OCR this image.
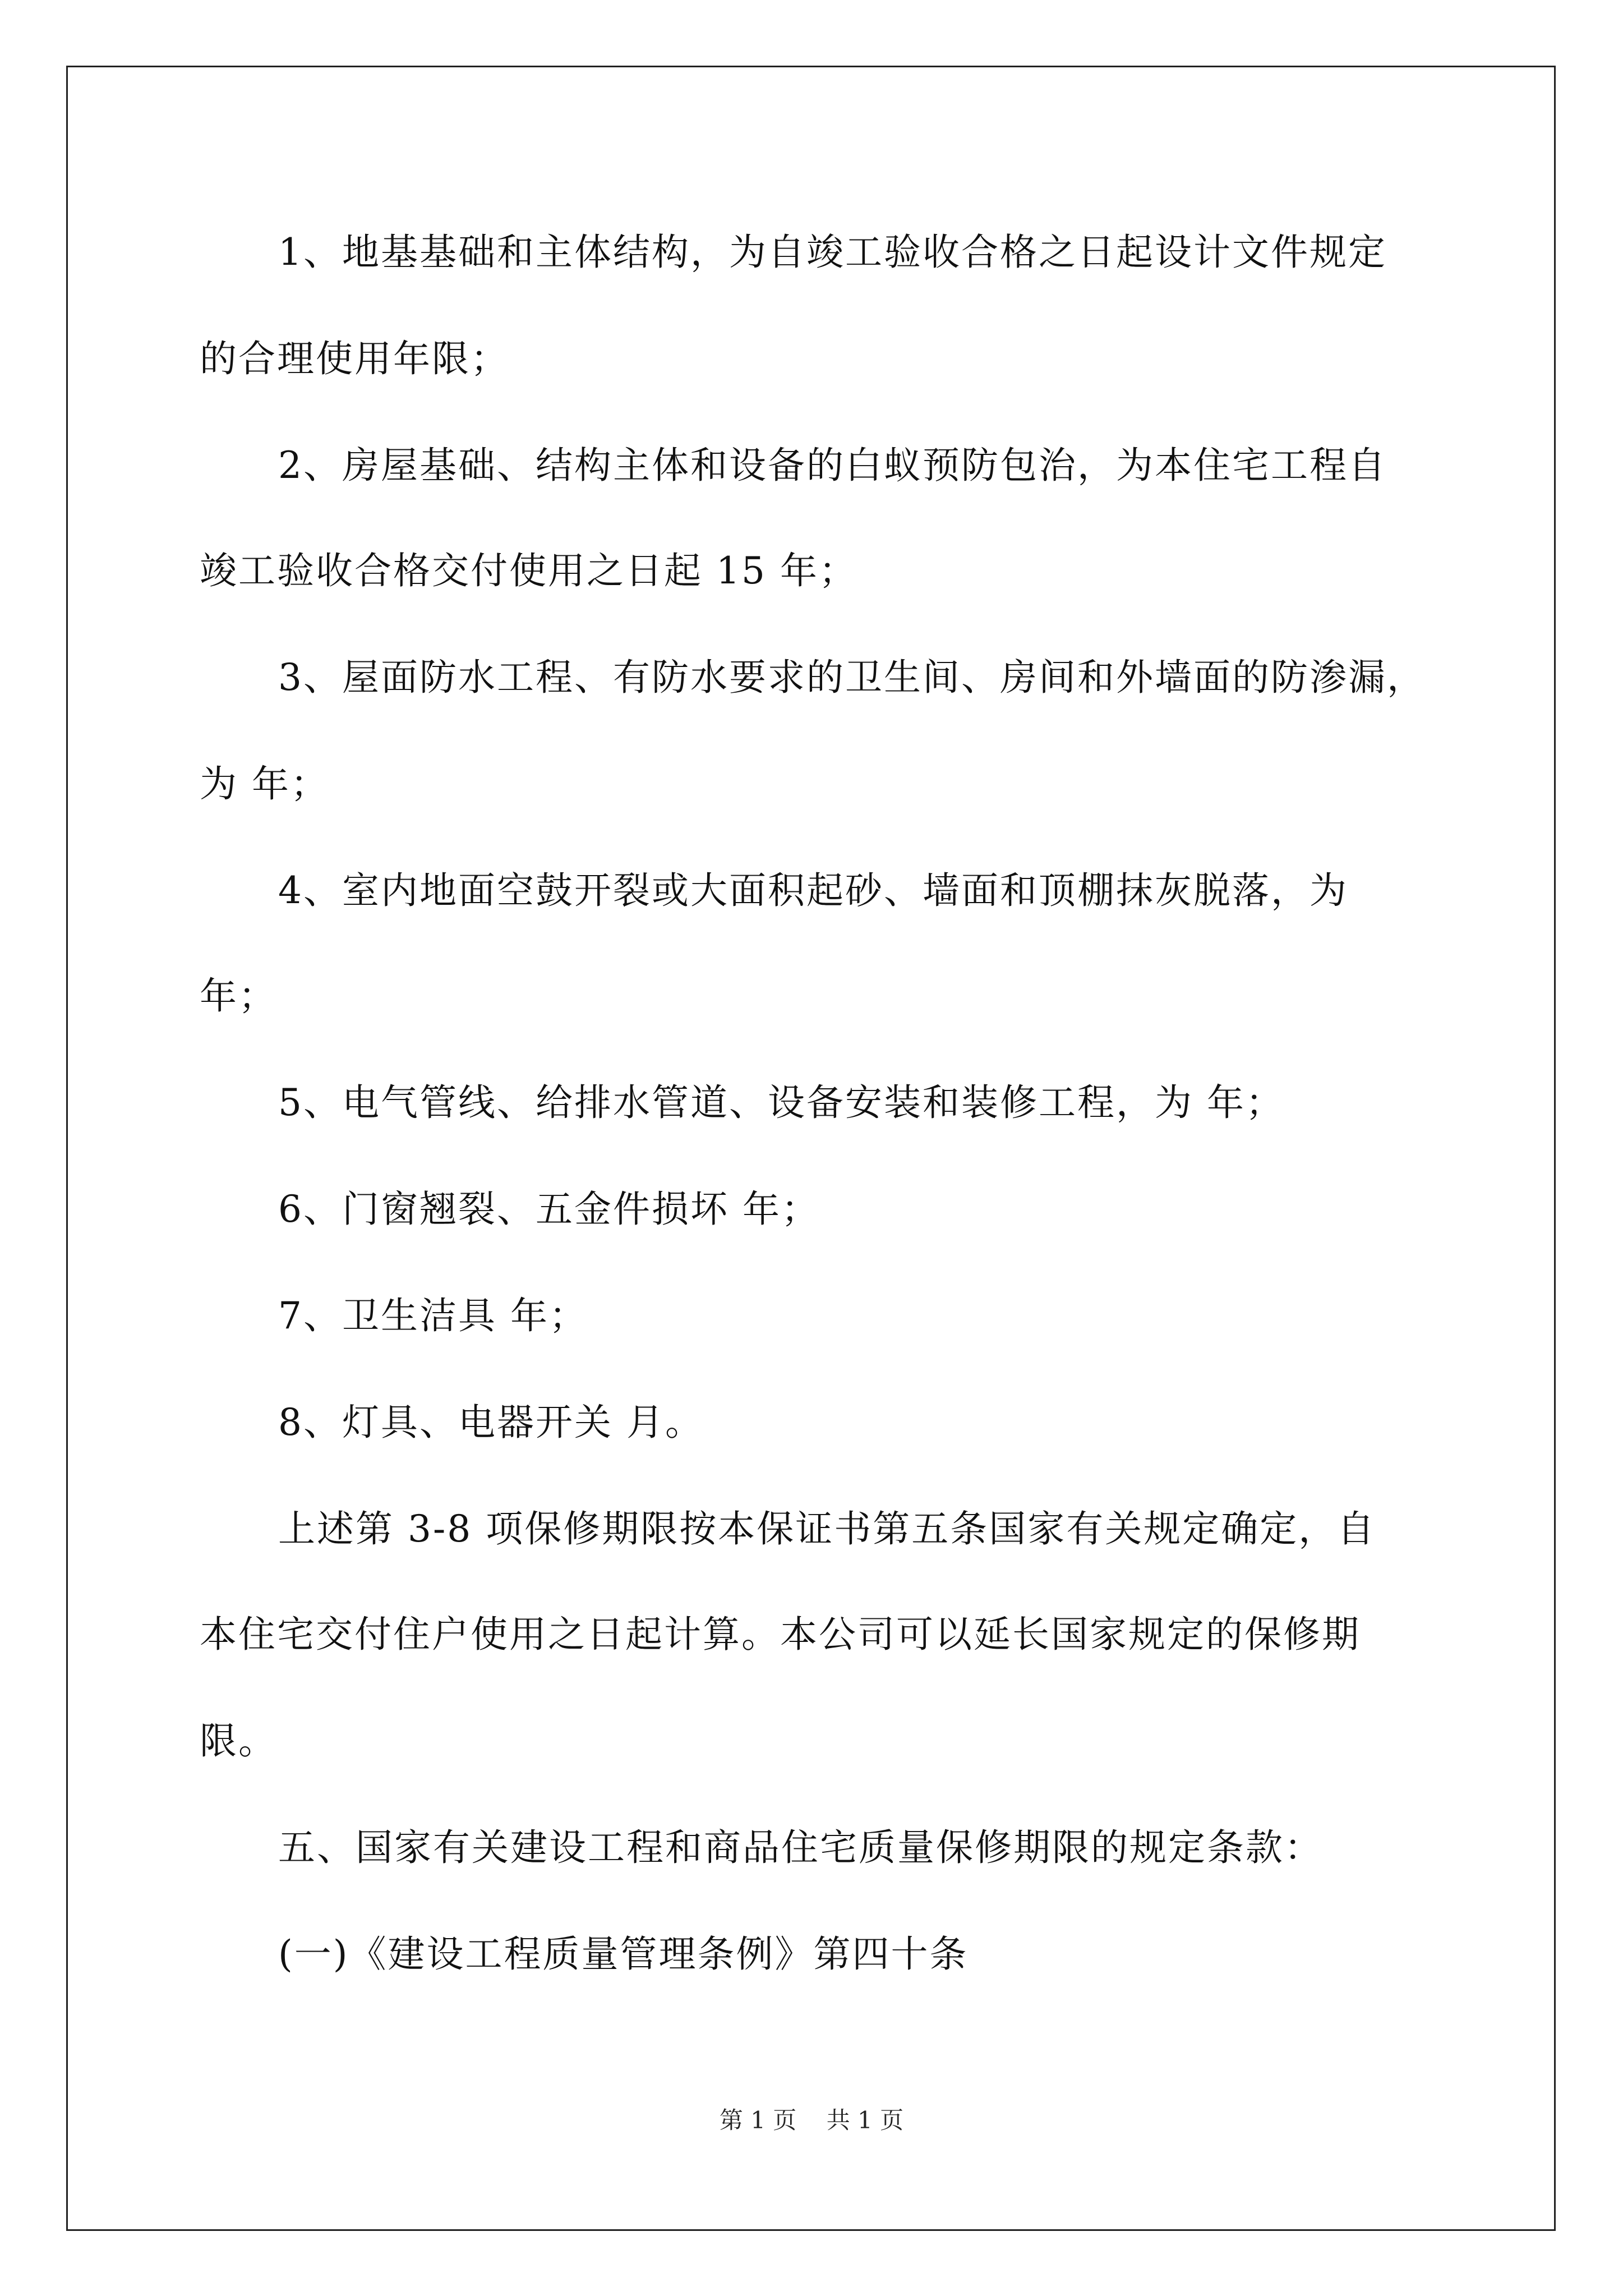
1、地基基础和主体结构，为自竣工验收合格之日起设计文件规定
的合理使用年限；
2、房屋基础、结构主体和设备的白蚁预防包治，为本住宅工程自
竣工验收合格交付使用之日起 15 年；
3、屋面防水工程、有防水要求的卫生间、房间和外墙面的防渗漏，
为 年；
4、室内地面空鼓开裂或大面积起砂、墙面和顶棚抹灰脱落，为
年；
5、电气管线、给排水管道、设备安装和装修工程，为 年；
6、门窗翘裂、五金件损坏 年；
7、卫生洁具 年；
8、灯具、电器开关 月。
上述第 3-8 项保修期限按本保证书第五条国家有关规定确定，自
本住宅交付住户使用之日起计算。本公司可以延长国家规定的保修期
限。
五、国家有关建设工程和商品住宅质量保修期限的规定条款：
(一)《建设工程质量管理条例》第四十条
第 1 页    共 1 页
